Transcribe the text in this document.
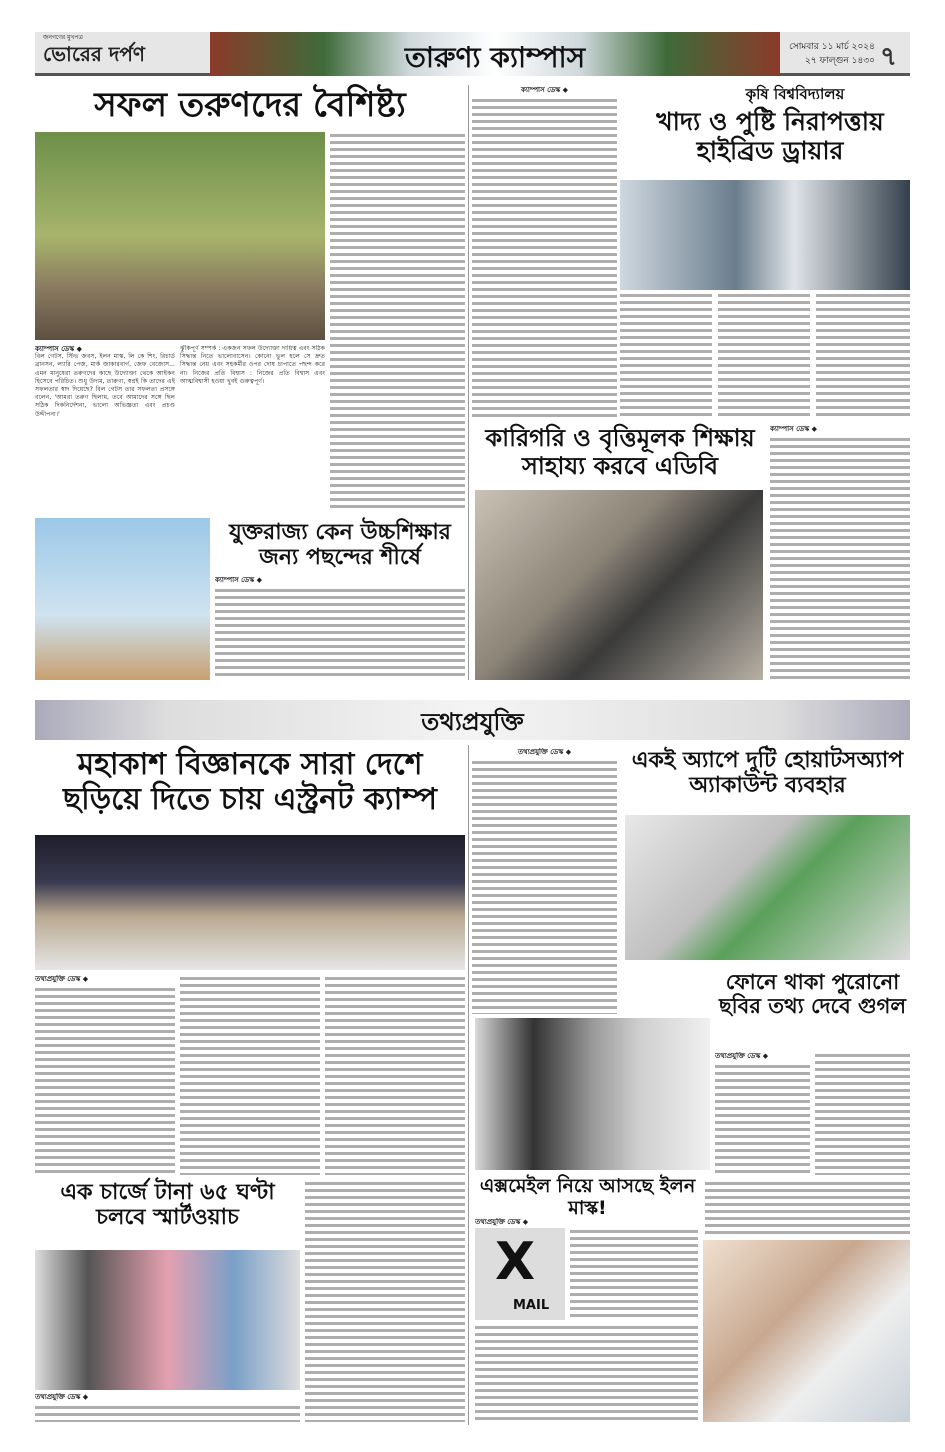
জনগণের মুখপত্র
ভোরের দর্পণ	তারুণ্য ক্যাম্পাস	সোমবার ১১ মার্চ ২০২৪
২৭ ফাল্গুন ১৪৩০ ৭
সফল তরুণদের বৈশিষ্ট্য
ক্যাম্পাস ডেস্ক ◆
বিল গেটস, স্টিভ জবস, ইলন মাস্ক, লি কে শিং, রিচার্ড ব্রানসন, ল্যারি পেজ, মার্ক জাকারবার্গ, জেফ বেজোস... এমন মানুষেরা তরুণদের কাছে উদ্যোক্তা থেকে আইকন হিসেবে পরিচিত। শুধু উদ্যম, তারুণ্য, স্বপ্নই কি তাদের এই সফলতার স্বাদ দিয়েছে? বিল গেটস তার সফলতা প্রসঙ্গে বলেন, 'আমরা তরুণ ছিলাম, তবে আমাদের সঙ্গে ছিল সঠিক দিকনির্দেশনা, ভালো অভিজ্ঞতা এবং প্রচণ্ড উদ্দীপনা।'
ঝুঁকিপূর্ণ সম্পর্ক : একজন সফল উদ্যোক্তা দায়িত্ব এবং সঠিক সিদ্ধান্ত নিতে ভালোবাসেন। কোনো ভুল হলে সে দ্রুত সিদ্ধান্ত নেয় এবং সহকর্মীর ওপর দোষ চাপাতে পছন্দ করে না। নিজের প্রতি বিশ্বাস : নিজের প্রতি বিশ্বাস এবং আত্মবিশ্বাসী হওয়া খুবই গুরুত্বপূর্ণ।
যুক্তরাজ্য কেন উচ্চশিক্ষার জন্য পছন্দের শীর্ষে
ক্যাম্পাস ডেস্ক ◆
ক্যাম্পাস ডেস্ক ◆	কৃষি বিশ্ববিদ্যালয়
খাদ্য ও পুষ্টি নিরাপত্তায় হাইব্রিড ড্রায়ার
কারিগরি ও বৃত্তিমূলক শিক্ষায় সাহায্য করবে এডিবি
ক্যাম্পাস ডেস্ক ◆
তথ্যপ্রযুক্তি
মহাকাশ বিজ্ঞানকে সারা দেশে ছড়িয়ে দিতে চায় এস্ট্রনট ক্যাম্প
তথ্যপ্রযুক্তি ডেস্ক ◆
তথ্যপ্রযুক্তি ডেস্ক ◆	একই অ্যাপে দুটি হোয়াটসঅ্যাপ অ্যাকাউন্ট ব্যবহার
ফোনে থাকা পুরোনো ছবির তথ্য দেবে গুগল
তথ্যপ্রযুক্তি ডেস্ক ◆
এক চার্জে টানা ৬৫ ঘণ্টা চলবে স্মার্টওয়াচ
তথ্যপ্রযুক্তি ডেস্ক ◆
এক্সমেইল নিয়ে আসছে ইলন মাস্ক!
তথ্যপ্রযুক্তি ডেস্ক ◆
X
MAIL
